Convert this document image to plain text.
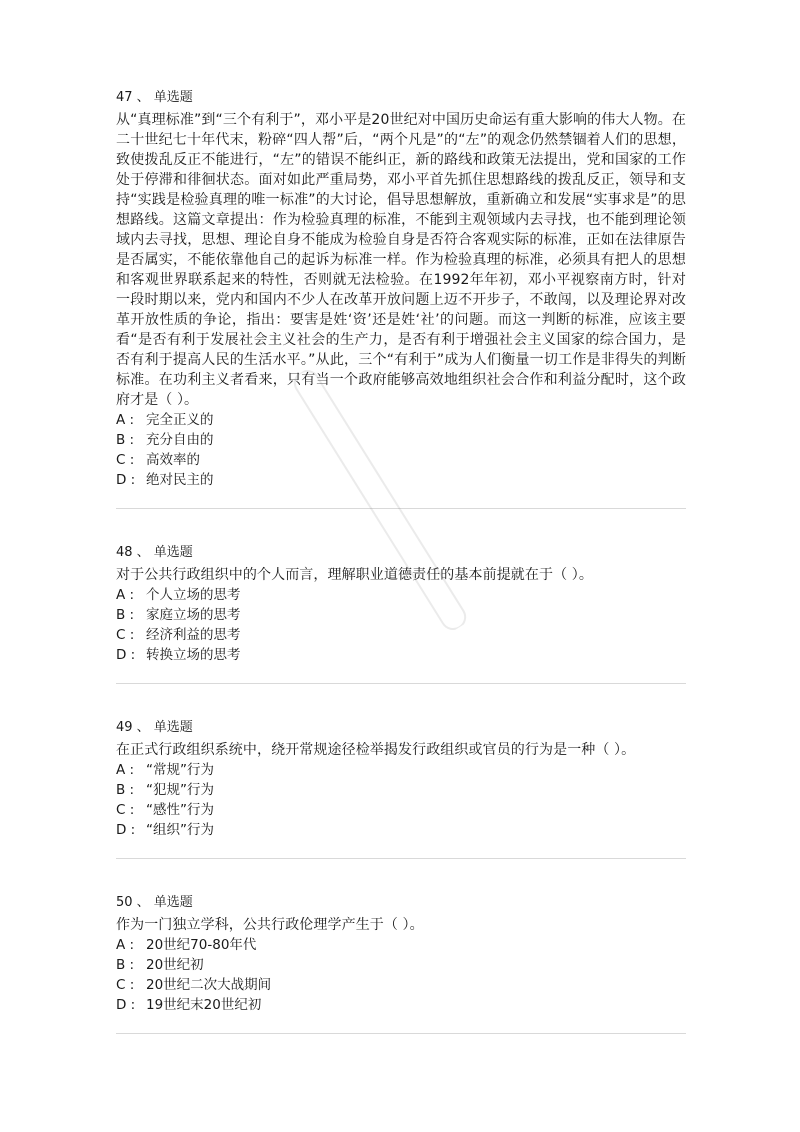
47 、 单选题

从“真理标准”到“三个有利于”，邓小平是20世纪对中国历史命运有重大影响的伟大人物。在二十世纪七十年代末，粉碎“四人帮”后，“两个凡是”的“左”的观念仍然禁锢着人们的思想，致使拨乱反正不能进行，“左”的错误不能纠正，新的路线和政策无法提出，党和国家的工作处于停滞和徘徊状态。面对如此严重局势，邓小平首先抓住思想路线的拨乱反正，领导和支持“实践是检验真理的唯一标准”的大讨论，倡导思想解放，重新确立和发展“实事求是”的思想路线。这篇文章提出：作为检验真理的标准，不能到主观领域内去寻找，也不能到理论领域内去寻找，思想、理论自身不能成为检验自身是否符合客观实际的标准，正如在法律原告是否属实，不能依靠他自己的起诉为标准一样。作为检验真理的标准，必须具有把人的思想和客观世界联系起来的特性，否则就无法检验。在1992年年初，邓小平视察南方时，针对一段时期以来，党内和国内不少人在改革开放问题上迈不开步子，不敢闯，以及理论界对改革开放性质的争论，指出：要害是姓‘资’还是姓‘社’的问题。而这一判断的标准，应该主要看“是否有利于发展社会主义社会的生产力，是否有利于增强社会主义国家的综合国力，是否有利于提高人民的生活水平。”从此，三个“有利于”成为人们衡量一切工作是非得失的判断标准。在功利主义者看来，只有当一个政府能够高效地组织社会合作和利益分配时，这个政府才是（ ）。

A : 完全正义的
B : 充分自由的
C : 高效率的
D : 绝对民主的

48 、 单选题

对于公共行政组织中的个人而言，理解职业道德责任的基本前提就在于（ ）。

A : 个人立场的思考
B : 家庭立场的思考
C : 经济利益的思考
D : 转换立场的思考

49 、 单选题

在正式行政组织系统中，绕开常规途径检举揭发行政组织或官员的行为是一种（ ）。

A : “常规”行为
B : “犯规”行为
C : “感性”行为
D : “组织”行为

50 、 单选题

作为一门独立学科，公共行政伦理学产生于（ ）。

A : 20世纪70-80年代
B : 20世纪初
C : 20世纪二次大战期间
D : 19世纪末20世纪初
